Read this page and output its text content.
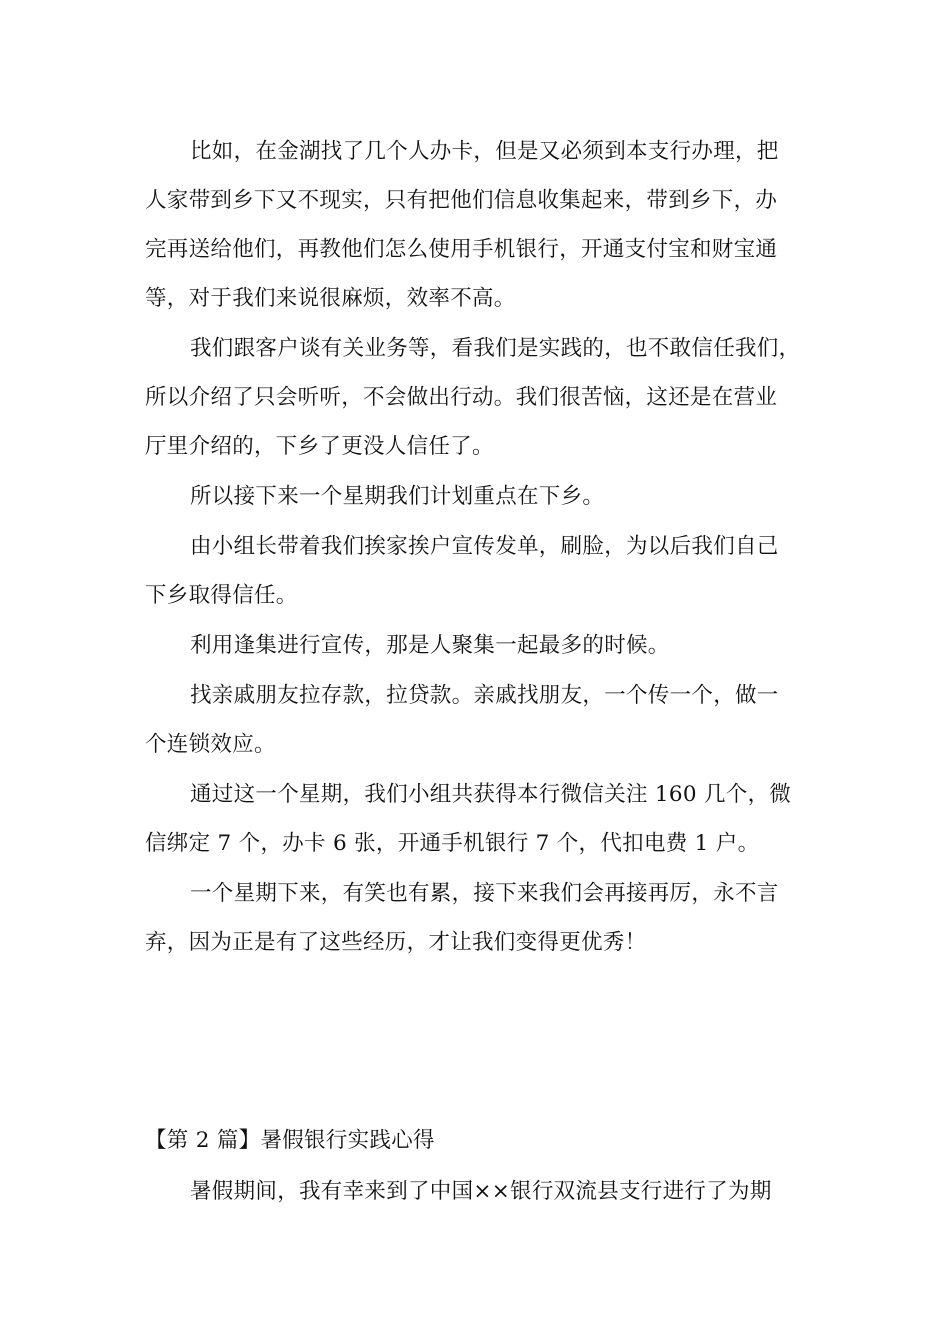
比如，在金湖找了几个人办卡，但是又必须到本支行办理，把

人家带到乡下又不现实，只有把他们信息收集起来，带到乡下，办

完再送给他们，再教他们怎么使用手机银行，开通支付宝和财宝通

等，对于我们来说很麻烦，效率不高。

我们跟客户谈有关业务等，看我们是实践的，也不敢信任我们，

所以介绍了只会听听，不会做出行动。我们很苦恼，这还是在营业

厅里介绍的，下乡了更没人信任了。

所以接下来一个星期我们计划重点在下乡。

由小组长带着我们挨家挨户宣传发单，刷脸，为以后我们自己

下乡取得信任。

利用逢集进行宣传，那是人聚集一起最多的时候。

找亲戚朋友拉存款，拉贷款。亲戚找朋友，一个传一个，做一

个连锁效应。

通过这一个星期，我们小组共获得本行微信关注 160 几个，微

信绑定 7 个，办卡 6 张，开通手机银行 7 个，代扣电费 1 户。

一个星期下来，有笑也有累，接下来我们会再接再厉，永不言

弃，因为正是有了这些经历，才让我们变得更优秀！

【第 2 篇】暑假银行实践心得

暑假期间，我有幸来到了中国××银行双流县支行进行了为期
